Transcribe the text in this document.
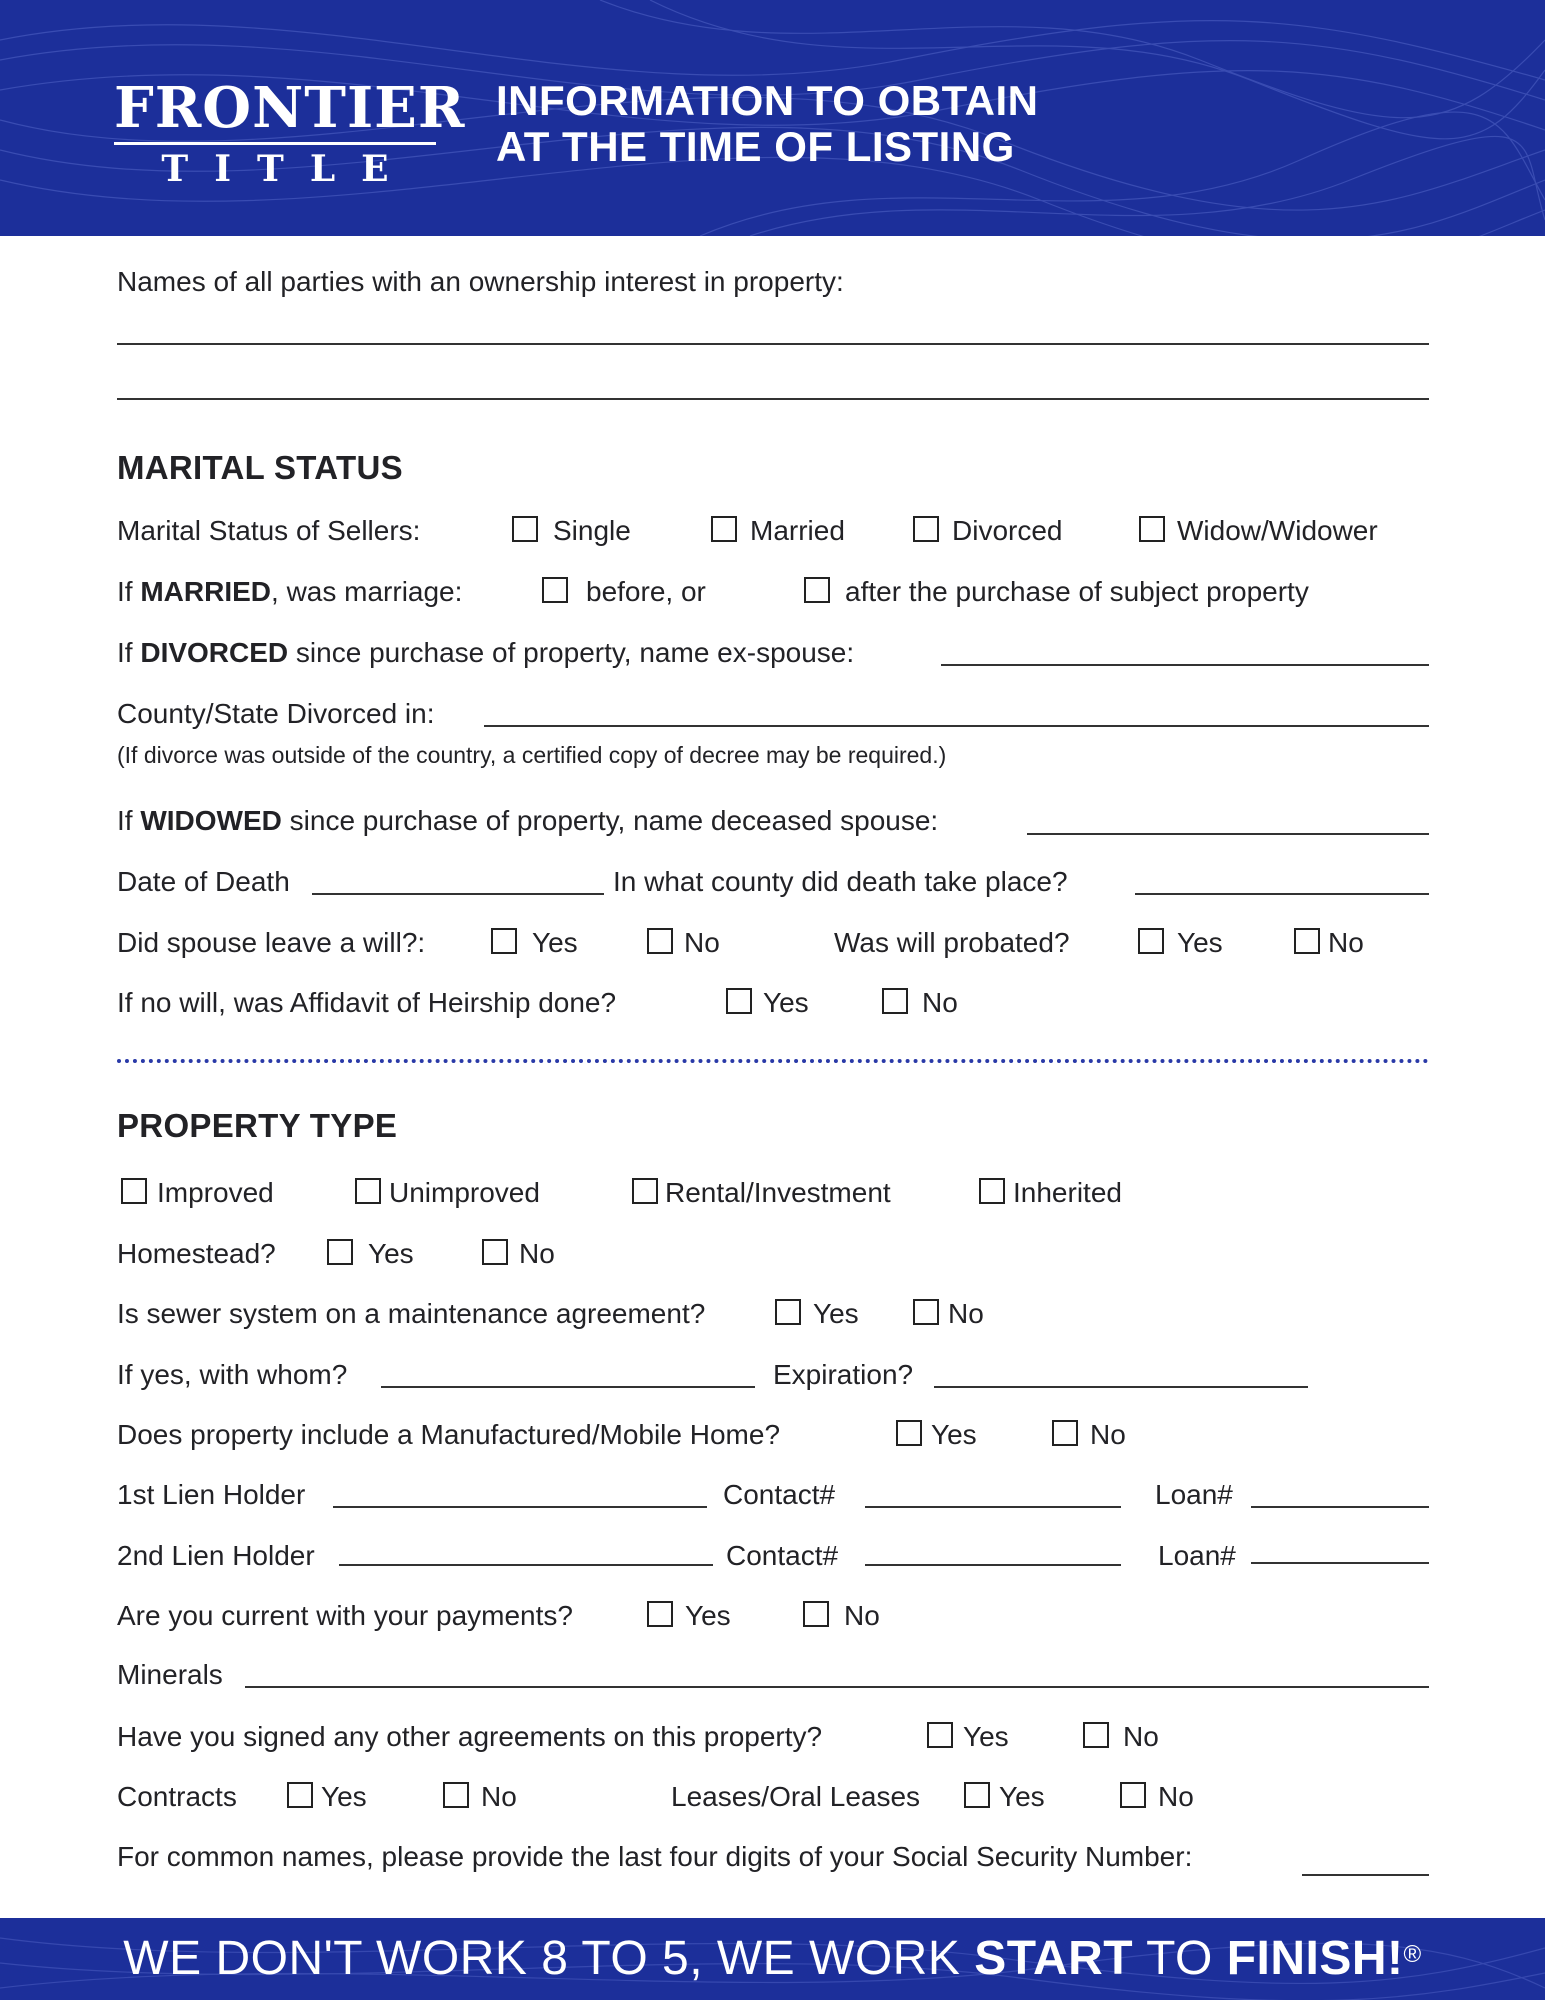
FRONTIER
TITLE
INFORMATION TO OBTAIN
AT THE TIME OF LISTING
Names of all parties with an ownership interest in property:
MARITAL STATUS
Marital Status of Sellers:	Single	Married	Divorced	Widow/Widower
If MARRIED, was marriage:	before, or	after the purchase of subject property
If DIVORCED since purchase of property, name ex-spouse:
County/State Divorced in:
(If divorce was outside of the country, a certified copy of decree may be required.)
If WIDOWED since purchase of property, name deceased spouse:
Date of Death	In what county did death take place?
Did spouse leave a will?:	Yes	No	Was will probated?	Yes	No
If no will, was Affidavit of Heirship done?	Yes	No
PROPERTY TYPE
Improved	Unimproved	Rental/Investment	Inherited
Homestead?	Yes	No
Is sewer system on a maintenance agreement?	Yes	No
If yes, with whom?	Expiration?
Does property include a Manufactured/Mobile Home?	Yes	No
1st Lien Holder	Contact#	Loan#
2nd Lien Holder	Contact#	Loan#
Are you current with your payments?	Yes	No
Minerals
Have you signed any other agreements on this property?	Yes	No
Contracts	Yes	No	Leases/Oral Leases	Yes	No
For common names, please provide the last four digits of your Social Security Number:
WE DON'T WORK 8 TO 5, WE WORK START TO FINISH!®
